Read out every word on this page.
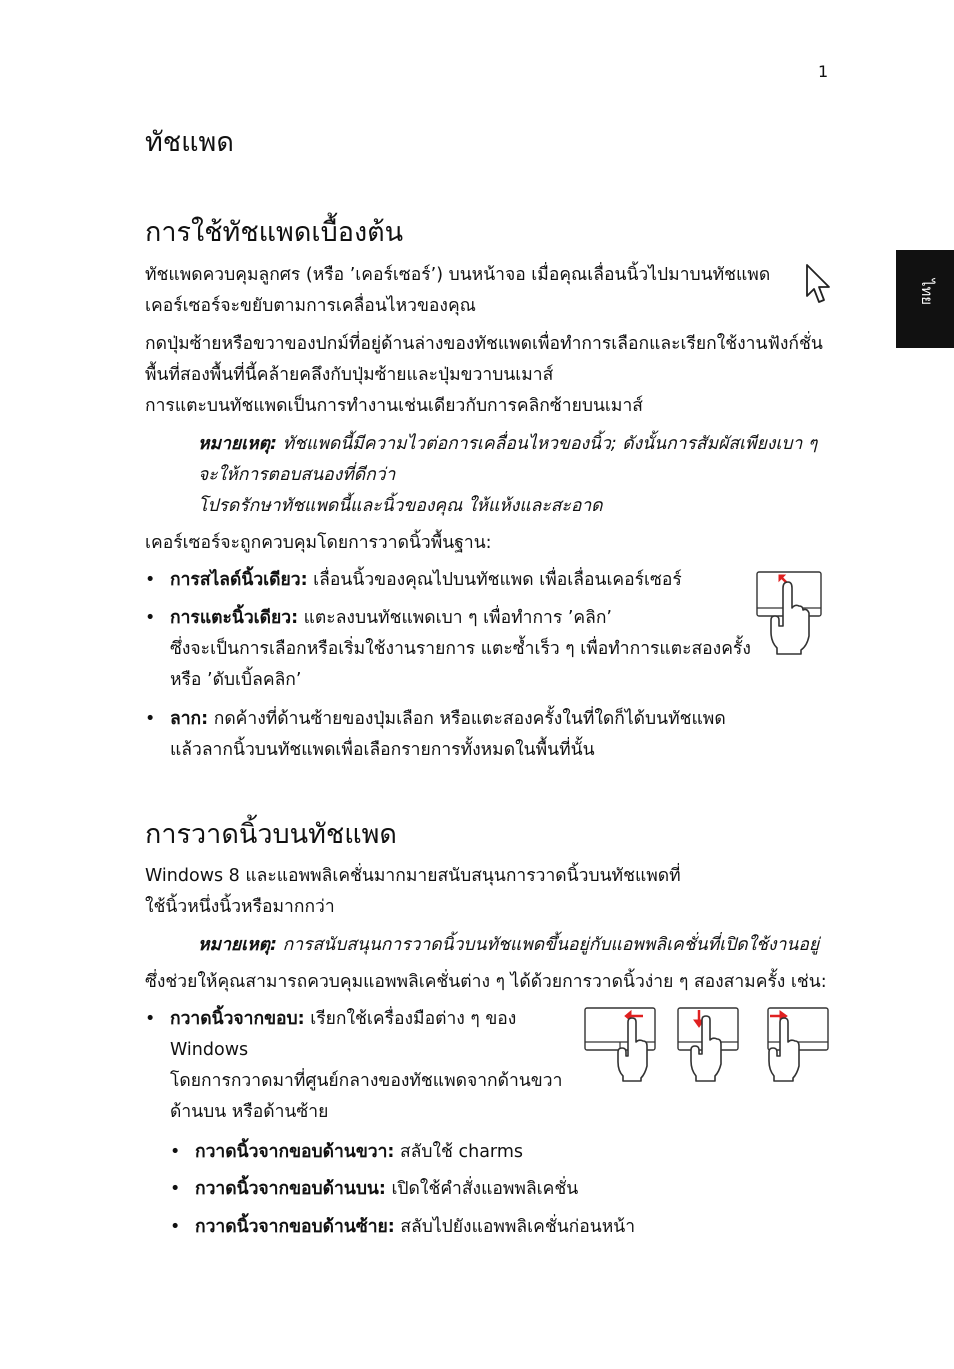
1
ไทย
ทัชแพด
การใช้ทัชแพดเบื้องต้น

ทัชแพดควบคุมลูกศร (หรือ ’เคอร์เซอร์’) บนหน้าจอ เมื่อคุณเลื่อนนิ้วไปมาบนทัชแพด

เคอร์เซอร์จะขยับตามการเคลื่อนไหวของคุณ

กดปุ่มซ้ายหรือขวาของปกม์ที่อยู่ด้านล่างของทัชแพดเพื่อทำการเลือกและเรียกใช้งานฟังก์ชั่น

พื้นที่สองพื้นที่นี้คล้ายคลึงกับปุ่มซ้ายและปุ่มขวาบนเมาส์

การแตะบนทัชแพดเป็นการทำงานเช่นเดียวกับการคลิกซ้ายบนเมาส์

หมายเหตุ: ทัชแพดนี้มีความไวต่อการเคลื่อนไหวของนิ้ว; ดังนั้นการสัมผัสเพียงเบา ๆ

จะให้การตอบสนองที่ดีกว่า

โปรดรักษาทัชแพดนี้และนิ้วของคุณ ให้แห้งและสะอาด

เคอร์เซอร์จะถูกควบคุมโดยการวาดนิ้วพื้นฐาน:

• การสไลด์นิ้วเดียว: เลื่อนนิ้วของคุณไปบนทัชแพด เพื่อเลื่อนเคอร์เซอร์
• การแตะนิ้วเดียว: แตะลงบนทัชแพดเบา ๆ เพื่อทำการ ’คลิก’
ซึ่งจะเป็นการเลือกหรือเริ่มใช้งานรายการ แตะซ้ำเร็ว ๆ เพื่อทำการแตะสองครั้ง
หรือ ’ดับเบิ้ลคลิก’
• ลาก: กดค้างที่ด้านซ้ายของปุ่มเลือก หรือแตะสองครั้งในที่ใดก็ได้บนทัชแพด
แล้วลากนิ้วบนทัชแพดเพื่อเลือกรายการทั้งหมดในพื้นที่นั้น
การวาดนิ้วบนทัชแพด

Windows 8 และแอพพลิเคชั่นมากมายสนับสนุนการวาดนิ้วบนทัชแพดที่

ใช้นิ้วหนึ่งนิ้วหรือมากกว่า

หมายเหตุ: การสนับสนุนการวาดนิ้วบนทัชแพดขึ้นอยู่กับแอพพลิเคชั่นที่เปิดใช้งานอยู่

ซึ่งช่วยให้คุณสามารถควบคุมแอพพลิเคชั่นต่าง ๆ ได้ด้วยการวาดนิ้วง่าย ๆ สองสามครั้ง เช่น:

• กวาดนิ้วจากขอบ: เรียกใช้เครื่องมือต่าง ๆ ของ
Windows
โดยการกวาดมาที่ศูนย์กลางของทัชแพดจากด้านขวา
ด้านบน หรือด้านซ้าย
• กวาดนิ้วจากขอบด้านขวา: สลับใช้ charms
• กวาดนิ้วจากขอบด้านบน: เปิดใช้คำสั่งแอพพลิเคชั่น
• กวาดนิ้วจากขอบด้านซ้าย: สลับไปยังแอพพลิเคชั่นก่อนหน้า
